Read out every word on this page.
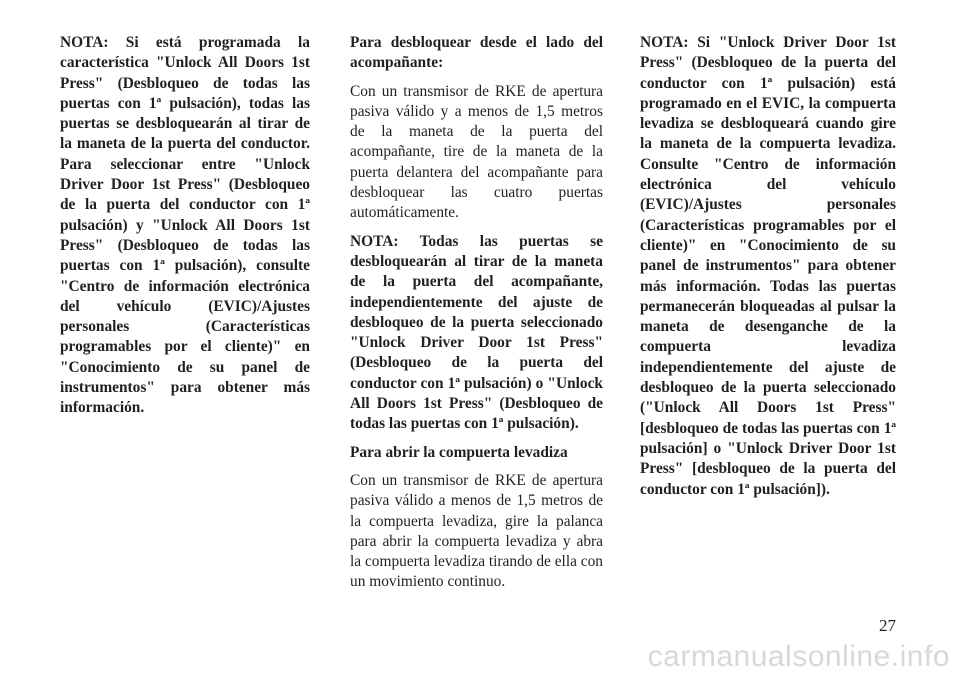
NOTA: Si está programada la característica "Unlock All Doors 1st Press" (Desbloqueo de todas las puertas con 1ª pulsación), todas las puertas se desbloquearán al tirar de la maneta de la puerta del conductor. Para seleccionar entre "Unlock Driver Door 1st Press" (Desbloqueo de la puerta del conductor con 1ª pulsación) y "Unlock All Doors 1st Press" (Desbloqueo de todas las puertas con 1ª pulsación), consulte "Centro de información electrónica del vehículo (EVIC)/Ajustes personales (Características programables por el cliente)" en "Conocimiento de su panel de instrumentos" para obtener más información.

Para desbloquear desde el lado del acompañante:

Con un transmisor de RKE de apertura pasiva válido y a menos de 1,5 metros de la maneta de la puerta del acompañante, tire de la maneta de la puerta delantera del acompañante para desbloquear las cuatro puertas automáticamente.

NOTA: Todas las puertas se desbloquearán al tirar de la maneta de la puerta del acompañante, independientemente del ajuste de desbloqueo de la puerta seleccionado "Unlock Driver Door 1st Press" (Desbloqueo de la puerta del conductor con 1ª pulsación) o "Unlock All Doors 1st Press" (Desbloqueo de todas las puertas con 1ª pulsación).

Para abrir la compuerta levadiza

Con un transmisor de RKE de apertura pasiva válido a menos de 1,5 metros de la compuerta levadiza, gire la palanca para abrir la compuerta levadiza y abra la compuerta levadiza tirando de ella con un movimiento continuo.

NOTA: Si "Unlock Driver Door 1st Press" (Desbloqueo de la puerta del conductor con 1ª pulsación) está programado en el EVIC, la compuerta levadiza se desbloqueará cuando gire la maneta de la compuerta levadiza. Consulte "Centro de información electrónica del vehículo (EVIC)/Ajustes personales (Características programables por el cliente)" en "Conocimiento de su panel de instrumentos" para obtener más información. Todas las puertas permanecerán bloqueadas al pulsar la maneta de desenganche de la compuerta levadiza independientemente del ajuste de desbloqueo de la puerta seleccionado ("Unlock All Doors 1st Press" [desbloqueo de todas las puertas con 1ª pulsación] o "Unlock Driver Door 1st Press" [desbloqueo de la puerta del conductor con 1ª pulsación]).

27
carmanualsonline.info
